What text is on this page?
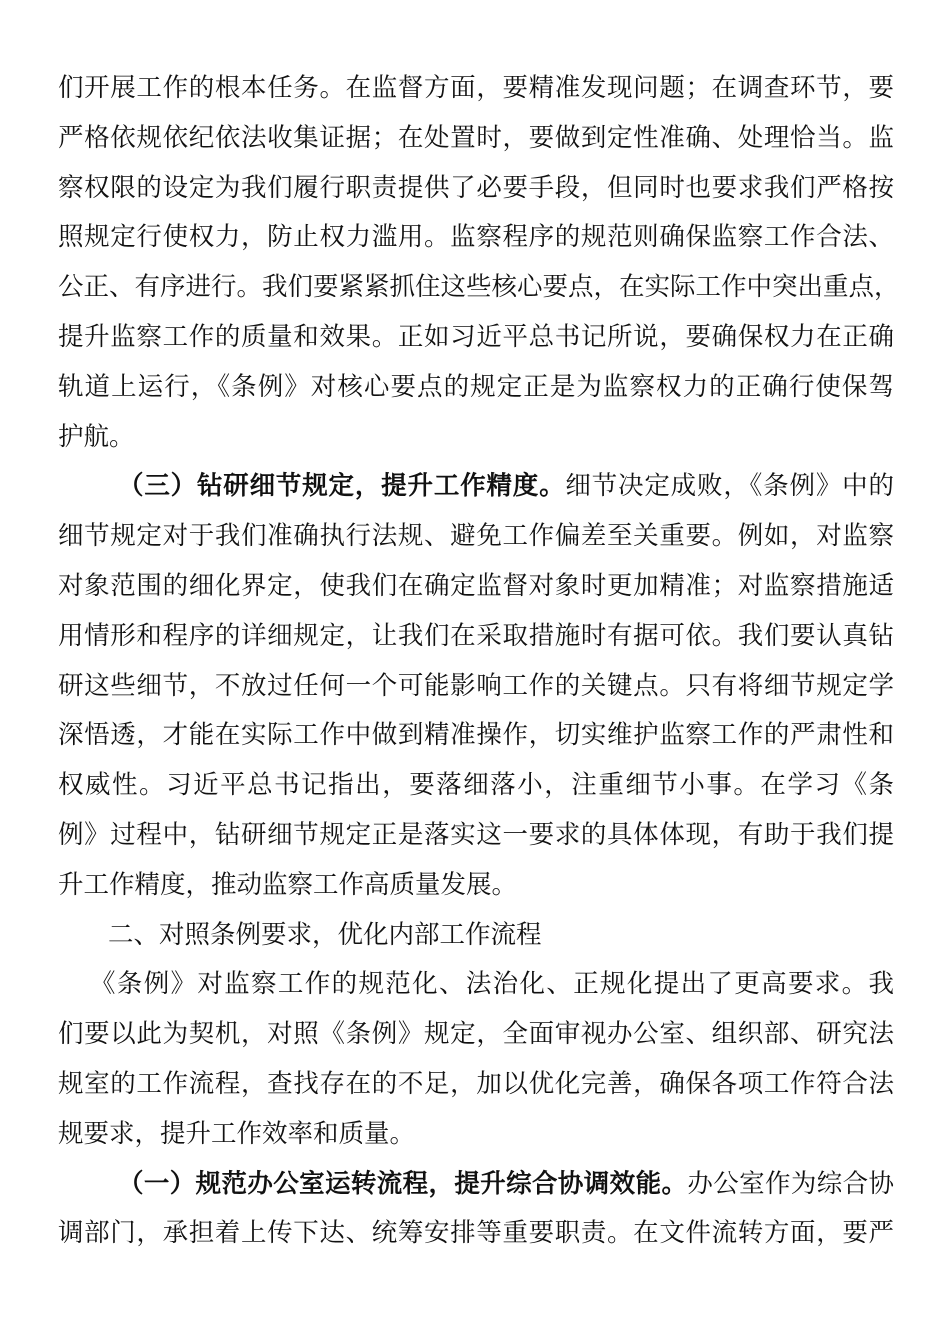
们开展工作的根本任务。在监督方面，要精准发现问题；在调查环节，要
严格依规依纪依法收集证据；在处置时，要做到定性准确、处理恰当。监
察权限的设定为我们履行职责提供了必要手段，但同时也要求我们严格按
照规定行使权力，防止权力滥用。监察程序的规范则确保监察工作合法、
公正、有序进行。我们要紧紧抓住这些核心要点，在实际工作中突出重点，
提升监察工作的质量和效果。正如习近平总书记所说，要确保权力在正确
轨道上运行，《条例》对核心要点的规定正是为监察权力的正确行使保驾
护航。
（三）钻研细节规定，提升工作精度。细节决定成败，《条例》中的
细节规定对于我们准确执行法规、避免工作偏差至关重要。例如，对监察
对象范围的细化界定，使我们在确定监督对象时更加精准；对监察措施适
用情形和程序的详细规定，让我们在采取措施时有据可依。我们要认真钻
研这些细节，不放过任何一个可能影响工作的关键点。只有将细节规定学
深悟透，才能在实际工作中做到精准操作，切实维护监察工作的严肃性和
权威性。习近平总书记指出，要落细落小，注重细节小事。在学习《条
例》过程中，钻研细节规定正是落实这一要求的具体体现，有助于我们提
升工作精度，推动监察工作高质量发展。
二、对照条例要求，优化内部工作流程
《条例》对监察工作的规范化、法治化、正规化提出了更高要求。我
们要以此为契机，对照《条例》规定，全面审视办公室、组织部、研究法
规室的工作流程，查找存在的不足，加以优化完善，确保各项工作符合法
规要求，提升工作效率和质量。
（一）规范办公室运转流程，提升综合协调效能。办公室作为综合协
调部门，承担着上传下达、统筹安排等重要职责。在文件流转方面，要严
